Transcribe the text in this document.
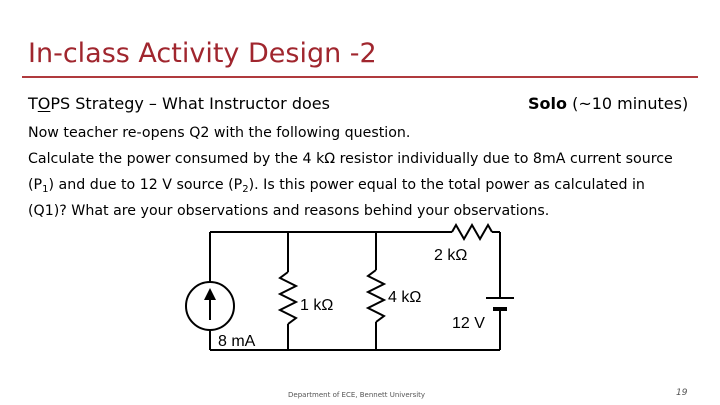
In-class Activity Design -2
TOPS Strategy – What Instructor does	Solo (~10 minutes)
Now teacher re-opens Q2 with the following question.
Calculate the power consumed by the 4 kΩ resistor individually due to 8mA current source
$(P_1)$ and due to 12 V source $(P_2)$. Is this power equal to the total power as calculated in
(Q1)? What are your observations and reasons behind your observations.
8 mA
1 kΩ	4 kΩ
2 kΩ
12 V
Department of ECE, Bennett University	19
